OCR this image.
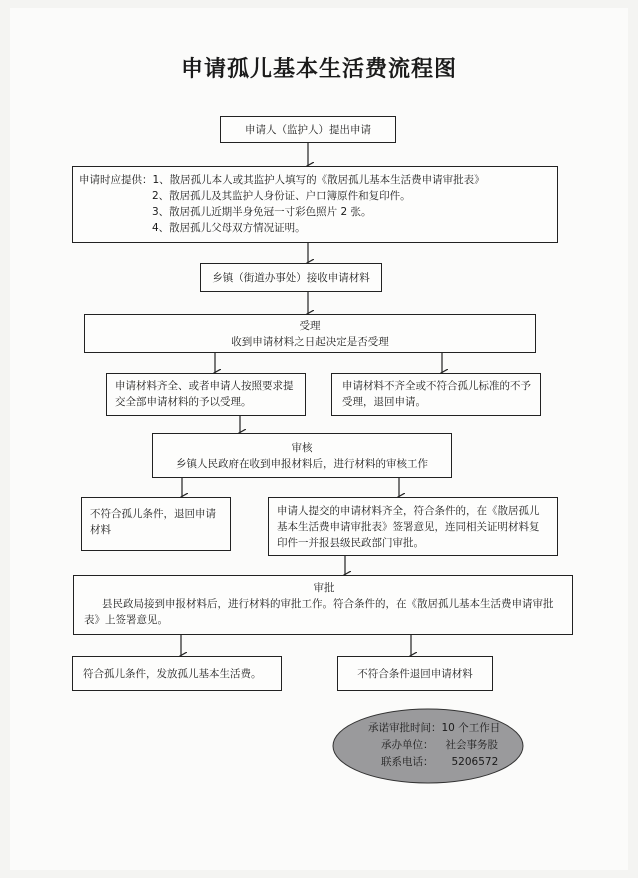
申请孤儿基本生活费流程图
申请人（监护人）提出申请
申请时应提供：1、散居孤儿本人或其监护人填写的《散居孤儿基本生活费申请审批表》
2、散居孤儿及其监护人身份证、户口簿原件和复印件。
3、散居孤儿近期半身免冠一寸彩色照片 2 张。
4、散居孤儿父母双方情况证明。
乡镇（街道办事处）接收申请材料
受理
收到申请材料之日起决定是否受理
申请材料齐全、或者申请人按照要求提交全部申请材料的予以受理。
申请材料不齐全或不符合孤儿标准的不予受理，退回申请。
审核
乡镇人民政府在收到申报材料后，进行材料的审核工作
不符合孤儿条件，退回申请材料
申请人提交的申请材料齐全，符合条件的，在《散居孤儿基本生活费申请审批表》签署意见，连同相关证明材料复印件一并报县级民政部门审批。
审批
县民政局接到申报材料后，进行材料的审批工作。符合条件的，在《散居孤儿基本生活费申请审批表》上签署意见。
符合孤儿条件，发放孤儿基本生活费。	不符合条件退回申请材料
承诺审批时间：10 个工作日
承办单位： 社会事务股
联系电话： 5206572
